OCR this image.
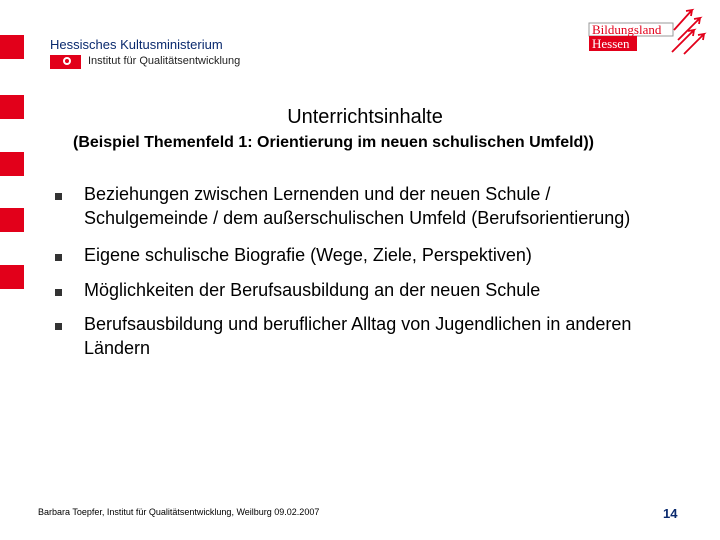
Hessisches Kultusministerium
Institut für Qualitätsentwicklung
Bildungsland
Hessen
Unterrichtsinhalte
(Beispiel Themenfeld 1: Orientierung im neuen schulischen Umfeld))
Beziehungen zwischen Lernenden und der neuen Schule / Schulgemeinde / dem außerschulischen Umfeld (Berufsorientierung)
Eigene schulische Biografie (Wege, Ziele, Perspektiven)
Möglichkeiten der Berufsausbildung an der neuen Schule
Berufsausbildung und beruflicher Alltag von Jugendlichen in anderen Ländern
Barbara Toepfer, Institut für Qualitätsentwicklung, Weilburg 09.02.2007	14
